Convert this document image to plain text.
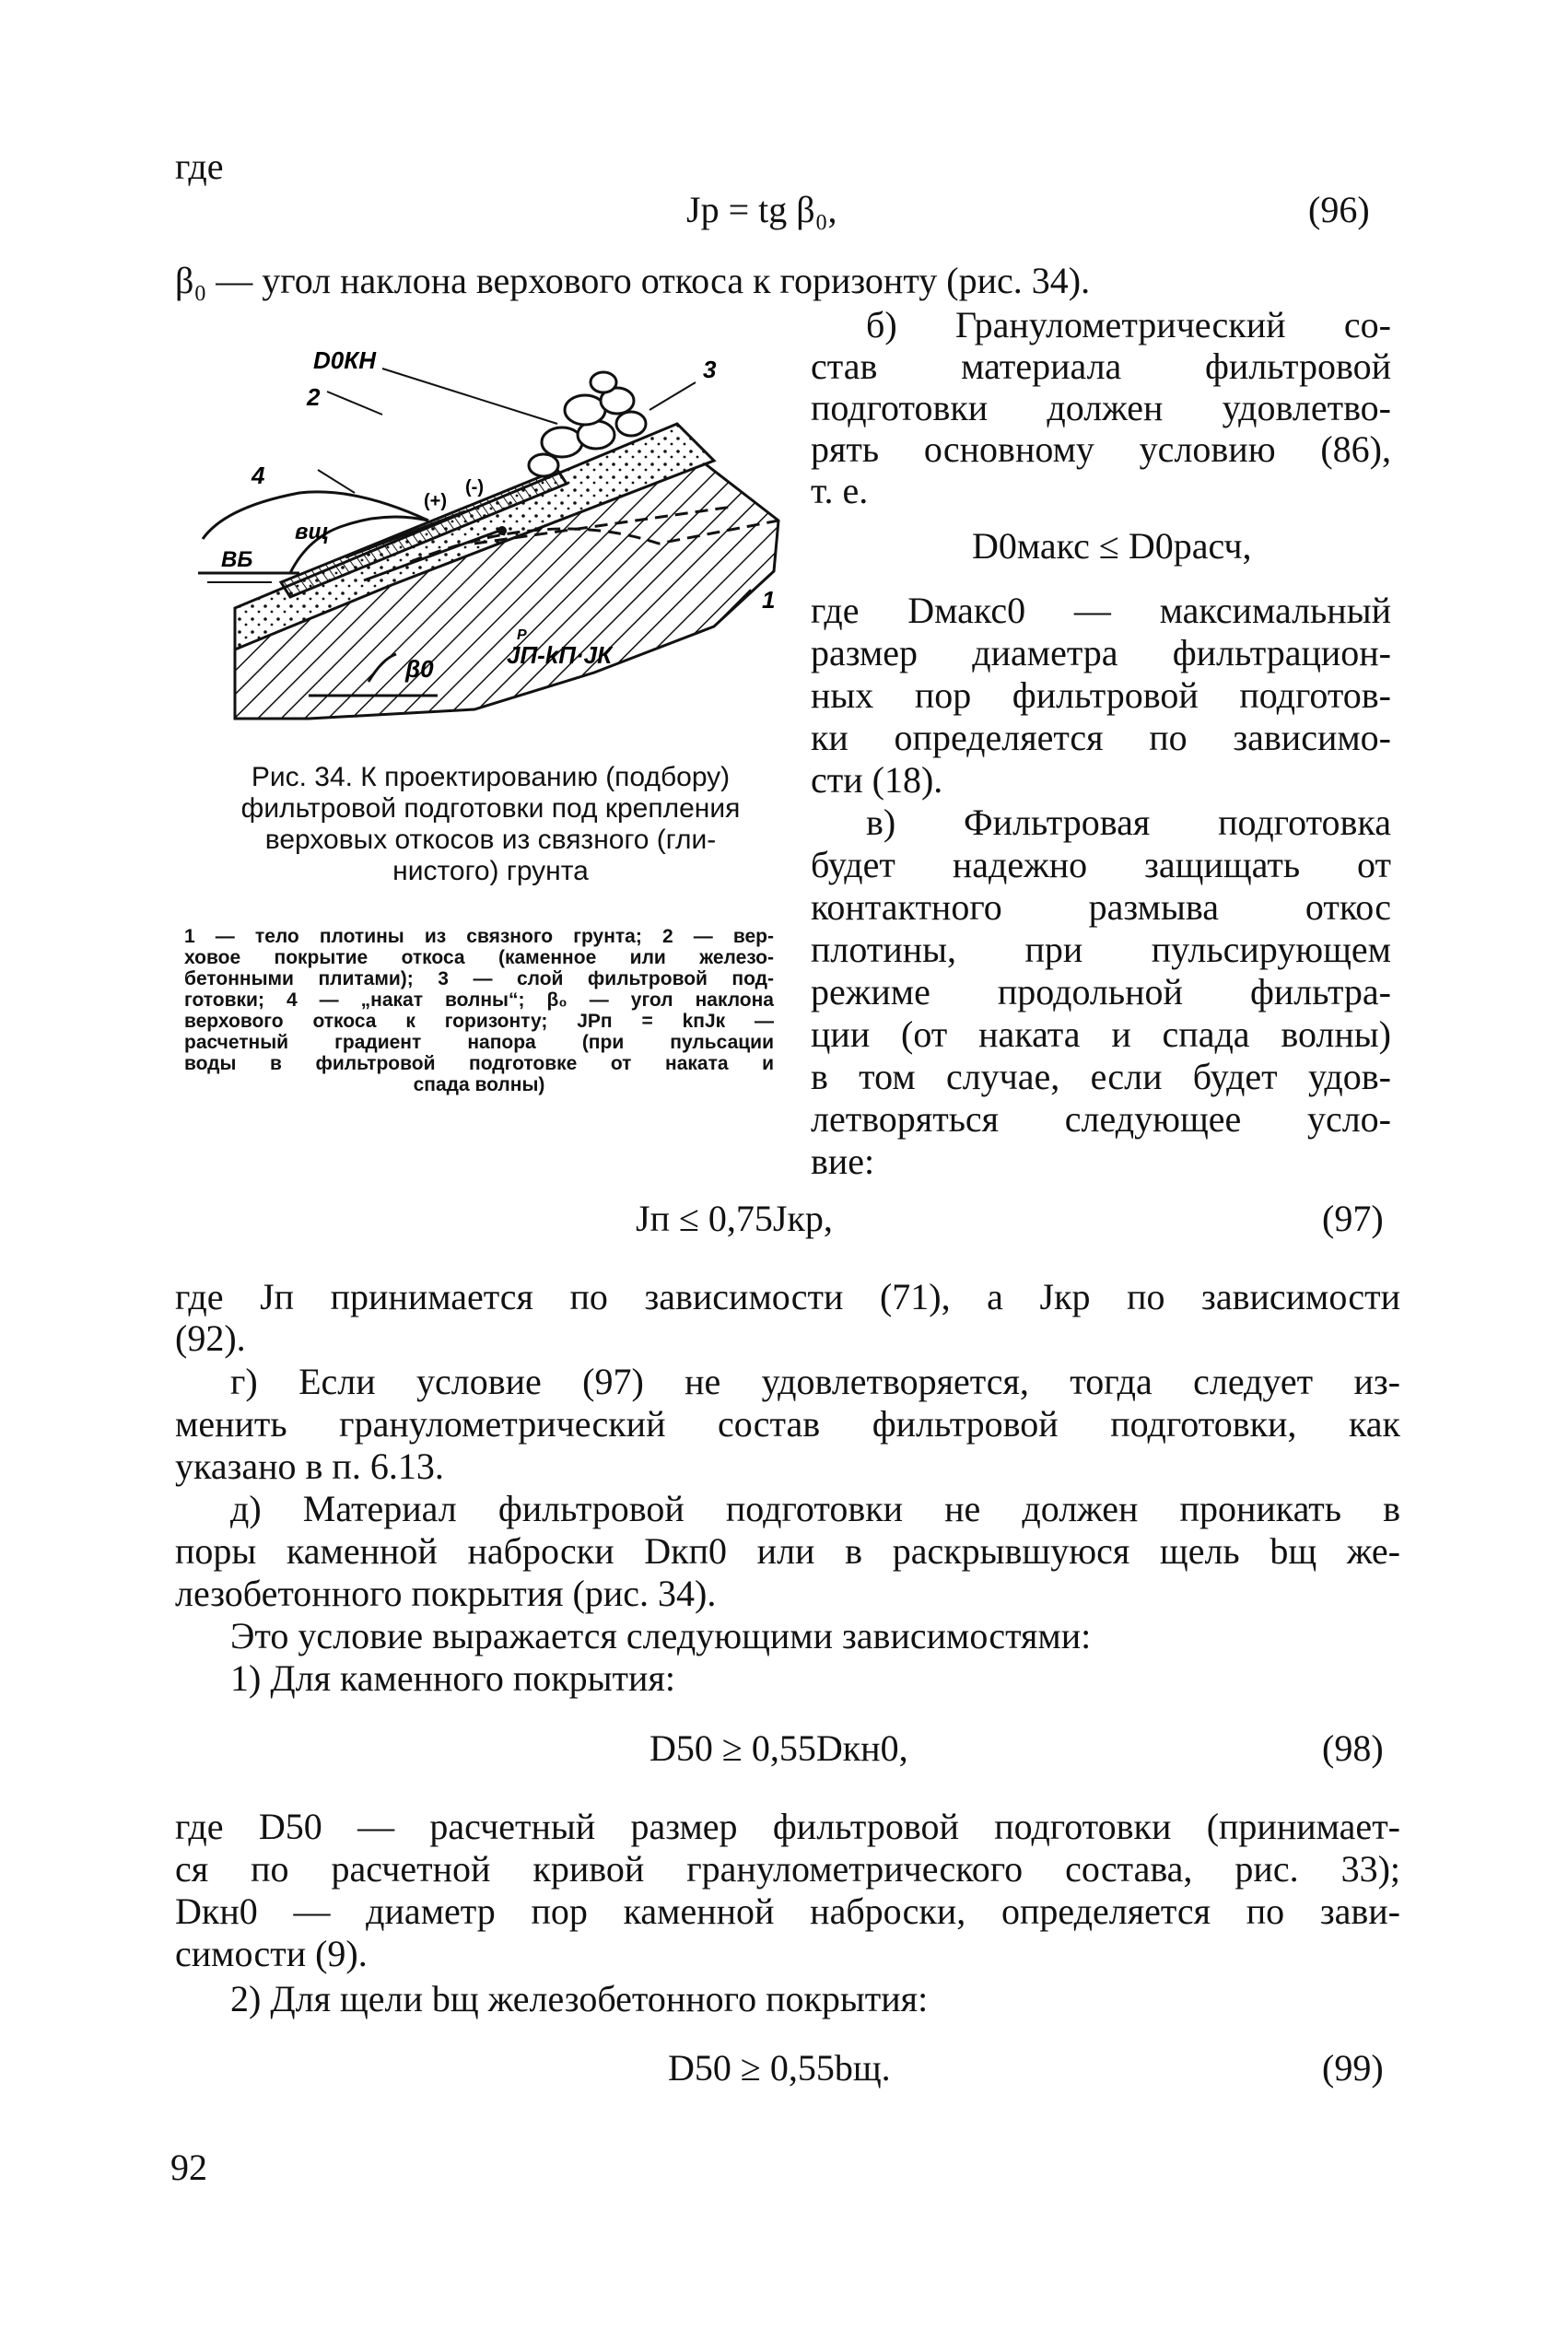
где
Jр = tg β₀,	(96)
β₀ — угол наклона верхового откоса к горизонту (рис. 34).
б) Гранулометрический со-
став материала фильтровой
подготовки должен удовлетво-
рять основному условию (86),
т. е.
D0макс ≤ D0расч,
где Dмакс0 — максимальный
размер диаметра фильтрацион-
ных пор фильтровой подготов-
ки определяется по зависимо-
сти (18).
в) Фильтровая подготовка
будет надежно защищать от
контактного размыва откос
плотины, при пульсирующем
режиме продольной фильтра-
ции (от наката и спада волны)
в том случае, если будет удов-
летворяться следующее усло-
вие:
D0КН	3
2
4
ВБ
вщ
(+)
(-)
β0	JП-kП·JК
Р
1
Рис. 34. К проектированию (подбору)
фильтровой подготовки под крепления
верховых откосов из связного (гли-
нистого) грунта
1 — тело плотины из связного грунта; 2 — вер-
ховое покрытие откоса (каменное или железо-
бетонными плитами); 3 — слой фильтровой под-
готовки; 4 — „накат волны“; β₀ — угол наклона
верхового откоса к горизонту; JРп = kпJк —
расчетный градиент напора (при пульсации
воды в фильтровой подготовке от наката и
спада волны)
Jп ≤ 0,75Jкр,	(97)
где Jп принимается по зависимости (71), а Jкр по зависимости
(92).
г) Если условие (97) не удовлетворяется, тогда следует из-
менить гранулометрический состав фильтровой подготовки, как
указано в п. 6.13.
д) Материал фильтровой подготовки не должен проникать в
поры каменной наброски Dкп0 или в раскрывшуюся щель bщ же-
лезобетонного покрытия (рис. 34).
Это условие выражается следующими зависимостями:
1) Для каменного покрытия:
D50 ≥ 0,55Dкн0,	(98)
где D50 — расчетный размер фильтровой подготовки (принимает-
ся по расчетной кривой гранулометрического состава, рис. 33);
Dкн0 — диаметр пор каменной наброски, определяется по зави-
симости (9).
2) Для щели bщ железобетонного покрытия:
D50 ≥ 0,55bщ.	(99)
92
